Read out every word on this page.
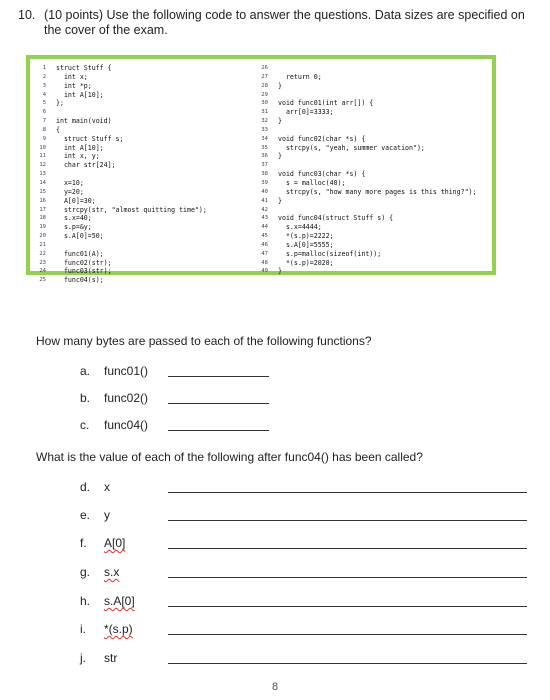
10. (10 points) Use the following code to answer the questions. Data sizes are specified on the cover of the exam.
1 struct Stuff {
2 int x;
3 int *p;
4 int A[10];
5 };
6
7 int main(void)
8 {
9 struct Stuff s;
10 int A[10];
11 int x, y;
12 char str[24];
13
14 x=10;
15 y=20;
16 A[0]=30;
17 strcpy(str, "almost quitting time");
18 s.x=40;
19 s.p=&y;
20 s.A[0]=50;
21
22 func01(A);
23 func02(str);
24 func03(str);
25 func04(s);
26
27 return 0;
28 }
29
30 void func01(int arr[]) {
31 arr[0]=3333;
32 }
33
34 void func02(char *s) {
35 strcpy(s, "yeah, summer vacation");
36 }
37
38 void func03(char *s) {
39 s = malloc(40);
40 strcpy(s, "how many more pages is this thing?");
41 }
42
43 void func04(struct Stuff s) {
44 s.x=4444;
45 *(s.p)=2222;
46 s.A[0]=5555;
47 s.p=malloc(sizeof(int));
48 *(s.p)=2020;
49 }
How many bytes are passed to each of the following functions?
a. func01()
b. func02()
c. func04()
What is the value of each of the following after func04() has been called?
d. x
e. y
f. A[0]
g. s.x
h. s.A[0]
i. *(s.p)
j. str
8
